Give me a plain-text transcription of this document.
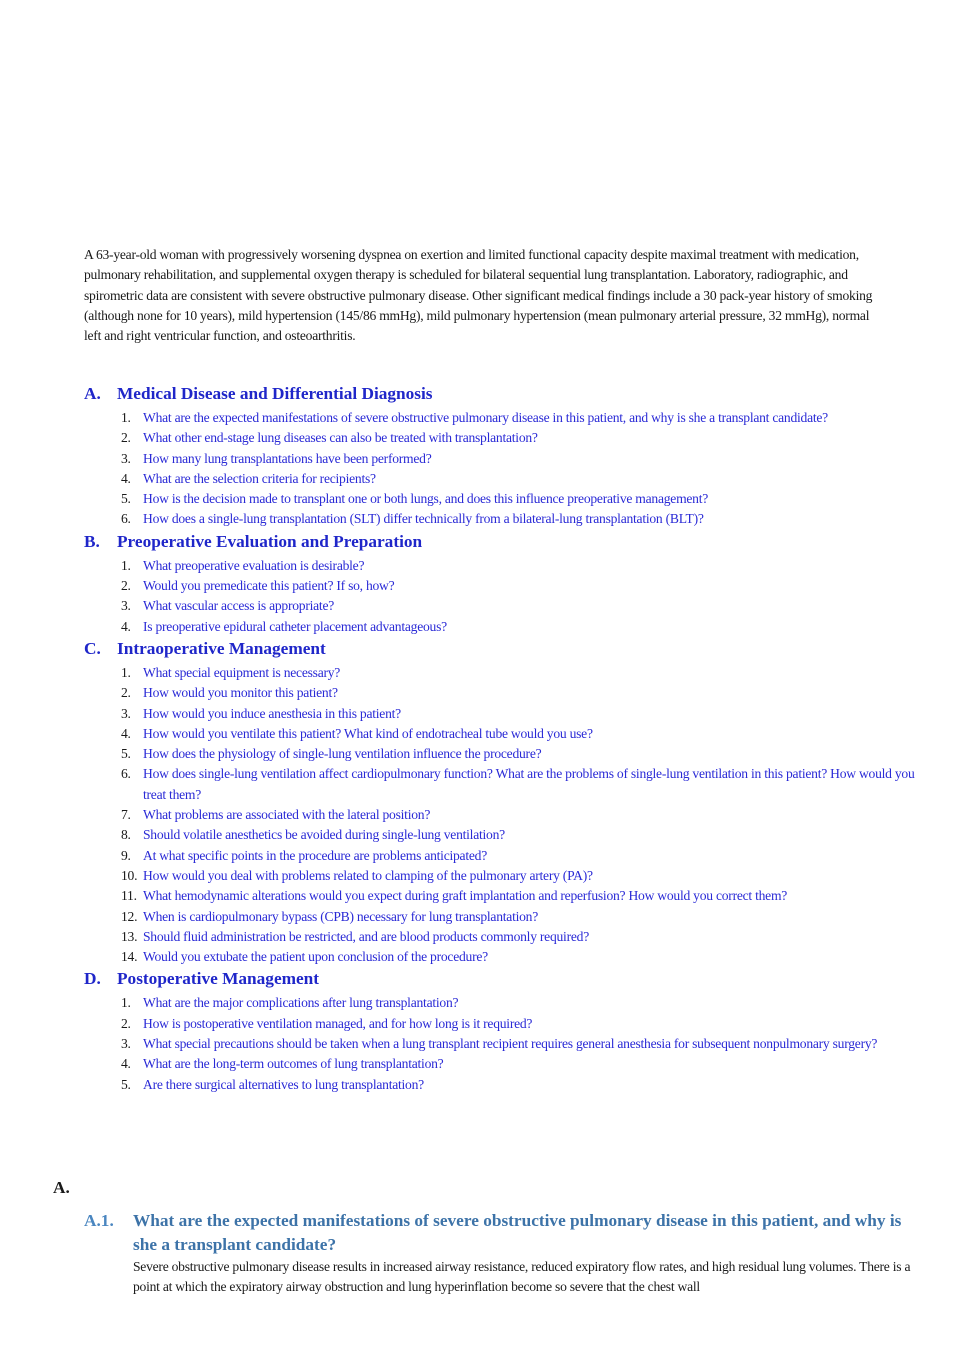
A 63-year-old woman with progressively worsening dyspnea on exertion and limited functional capacity despite maximal treatment with medication, pulmonary rehabilitation, and supplemental oxygen therapy is scheduled for bilateral sequential lung transplantation. Laboratory, radiographic, and spirometric data are consistent with severe obstructive pulmonary disease. Other significant medical findings include a 30 pack-year history of smoking (although none for 10 years), mild hypertension (145/86 mmHg), mild pulmonary hypertension (mean pulmonary arterial pressure, 32 mmHg), normal left and right ventricular function, and osteoarthritis.

A. Medical Disease and Differential Diagnosis
1. What are the expected manifestations of severe obstructive pulmonary disease in this patient, and why is she a transplant candidate?
2. What other end-stage lung diseases can also be treated with transplantation?
3. How many lung transplantations have been performed?
4. What are the selection criteria for recipients?
5. How is the decision made to transplant one or both lungs, and does this influence preoperative management?
6. How does a single-lung transplantation (SLT) differ technically from a bilateral-lung transplantation (BLT)?
B. Preoperative Evaluation and Preparation
1. What preoperative evaluation is desirable?
2. Would you premedicate this patient? If so, how?
3. What vascular access is appropriate?
4. Is preoperative epidural catheter placement advantageous?
C. Intraoperative Management
1. What special equipment is necessary?
2. How would you monitor this patient?
3. How would you induce anesthesia in this patient?
4. How would you ventilate this patient? What kind of endotracheal tube would you use?
5. How does the physiology of single-lung ventilation influence the procedure?
6. How does single-lung ventilation affect cardiopulmonary function? What are the problems of single-lung ventilation in this patient? How would you treat them?
7. What problems are associated with the lateral position?
8. Should volatile anesthetics be avoided during single-lung ventilation?
9. At what specific points in the procedure are problems anticipated?
10. How would you deal with problems related to clamping of the pulmonary artery (PA)?
11. What hemodynamic alterations would you expect during graft implantation and reperfusion? How would you correct them?
12. When is cardiopulmonary bypass (CPB) necessary for lung transplantation?
13. Should fluid administration be restricted, and are blood products commonly required?
14. Would you extubate the patient upon conclusion of the procedure?
D. Postoperative Management
1. What are the major complications after lung transplantation?
2. How is postoperative ventilation managed, and for how long is it required?
3. What special precautions should be taken when a lung transplant recipient requires general anesthesia for subsequent nonpulmonary surgery?
4. What are the long-term outcomes of lung transplantation?
5. Are there surgical alternatives to lung transplantation?
A.
A.1.	What are the expected manifestations of severe obstructive pulmonary disease in this patient, and why is she a transplant candidate?

Severe obstructive pulmonary disease results in increased airway resistance, reduced expiratory flow rates, and high residual lung volumes. There is a point at which the expiratory airway obstruction and lung hyperinflation become so severe that the chest wall
